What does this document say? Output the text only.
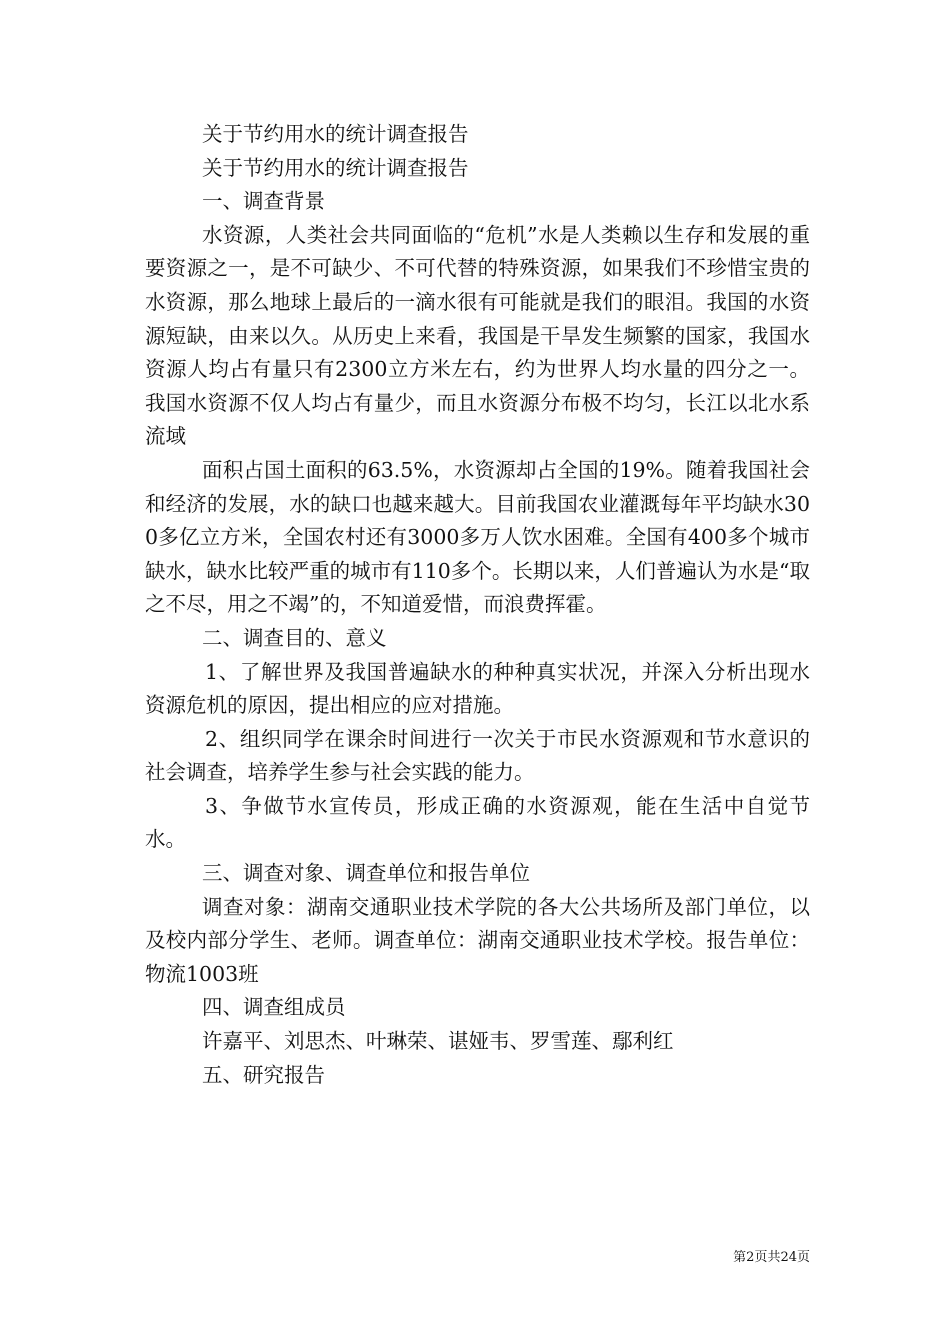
关于节约用水的统计调查报告

关于节约用水的统计调查报告

一、调查背景

水资源，人类社会共同面临的“危机”水是人类赖以生存和发展的重要资源之一，是不可缺少、不可代替的特殊资源，如果我们不珍惜宝贵的水资源，那么地球上最后的一滴水很有可能就是我们的眼泪。我国的水资源短缺，由来以久。从历史上来看，我国是干旱发生频繁的国家，我国水资源人均占有量只有2300立方米左右，约为世界人均水量的四分之一。我国水资源不仅人均占有量少，而且水资源分布极不均匀，长江以北水系流域

面积占国土面积的63.5%，水资源却占全国的19%。随着我国社会和经济的发展，水的缺口也越来越大。目前我国农业灌溉每年平均缺水300多亿立方米，全国农村还有3000多万人饮水困难。全国有400多个城市缺水，缺水比较严重的城市有110多个。长期以来，人们普遍认为水是“取之不尽，用之不竭”的，不知道爱惜，而浪费挥霍。

二、调查目的、意义

1、了解世界及我国普遍缺水的种种真实状况，并深入分析出现水资源危机的原因，提出相应的应对措施。

2、组织同学在课余时间进行一次关于市民水资源观和节水意识的社会调查，培养学生参与社会实践的能力。

3、争做节水宣传员，形成正确的水资源观，能在生活中自觉节水。

三、调查对象、调查单位和报告单位

调查对象：湖南交通职业技术学院的各大公共场所及部门单位，以及校内部分学生、老师。调查单位：湖南交通职业技术学校。报告单位：物流1003班

四、调查组成员

许嘉平、刘思杰、叶琳荣、谌娅韦、罗雪莲、鄢利红

五、研究报告

第2页共24页
